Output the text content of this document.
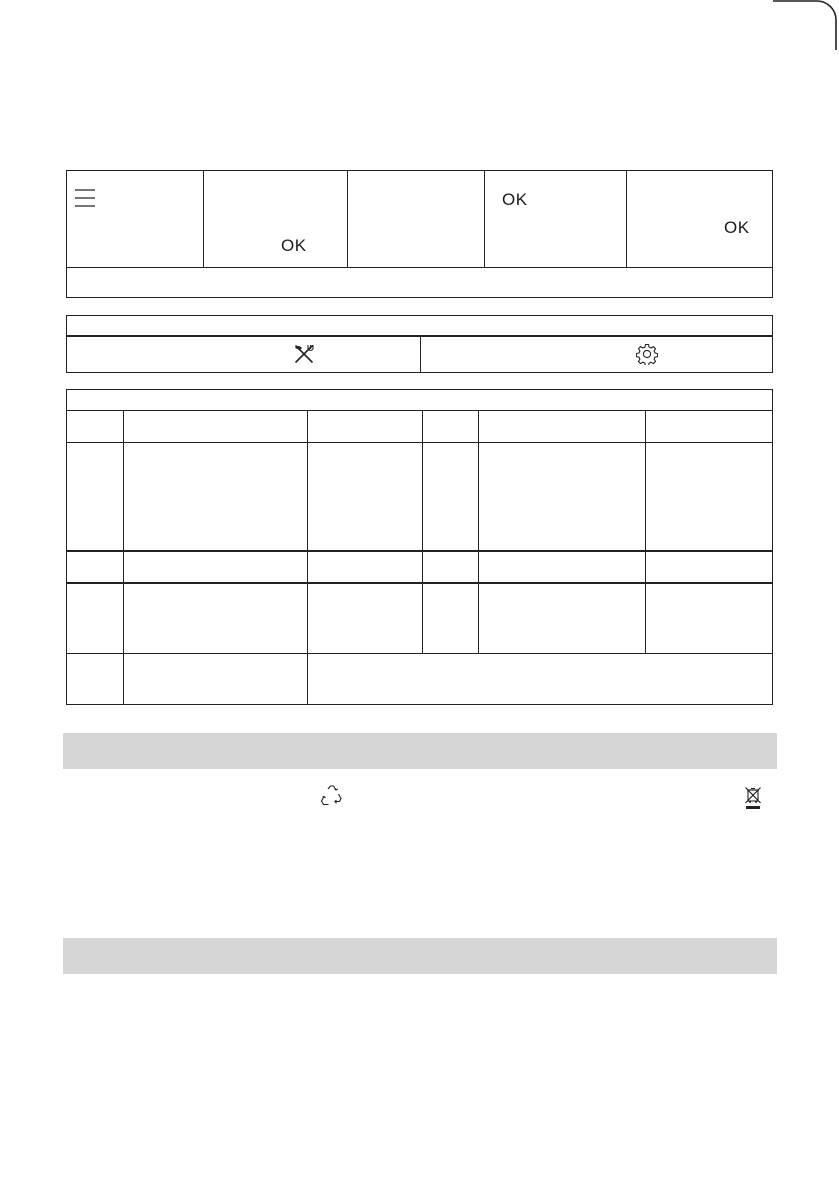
OK
OK
OK
